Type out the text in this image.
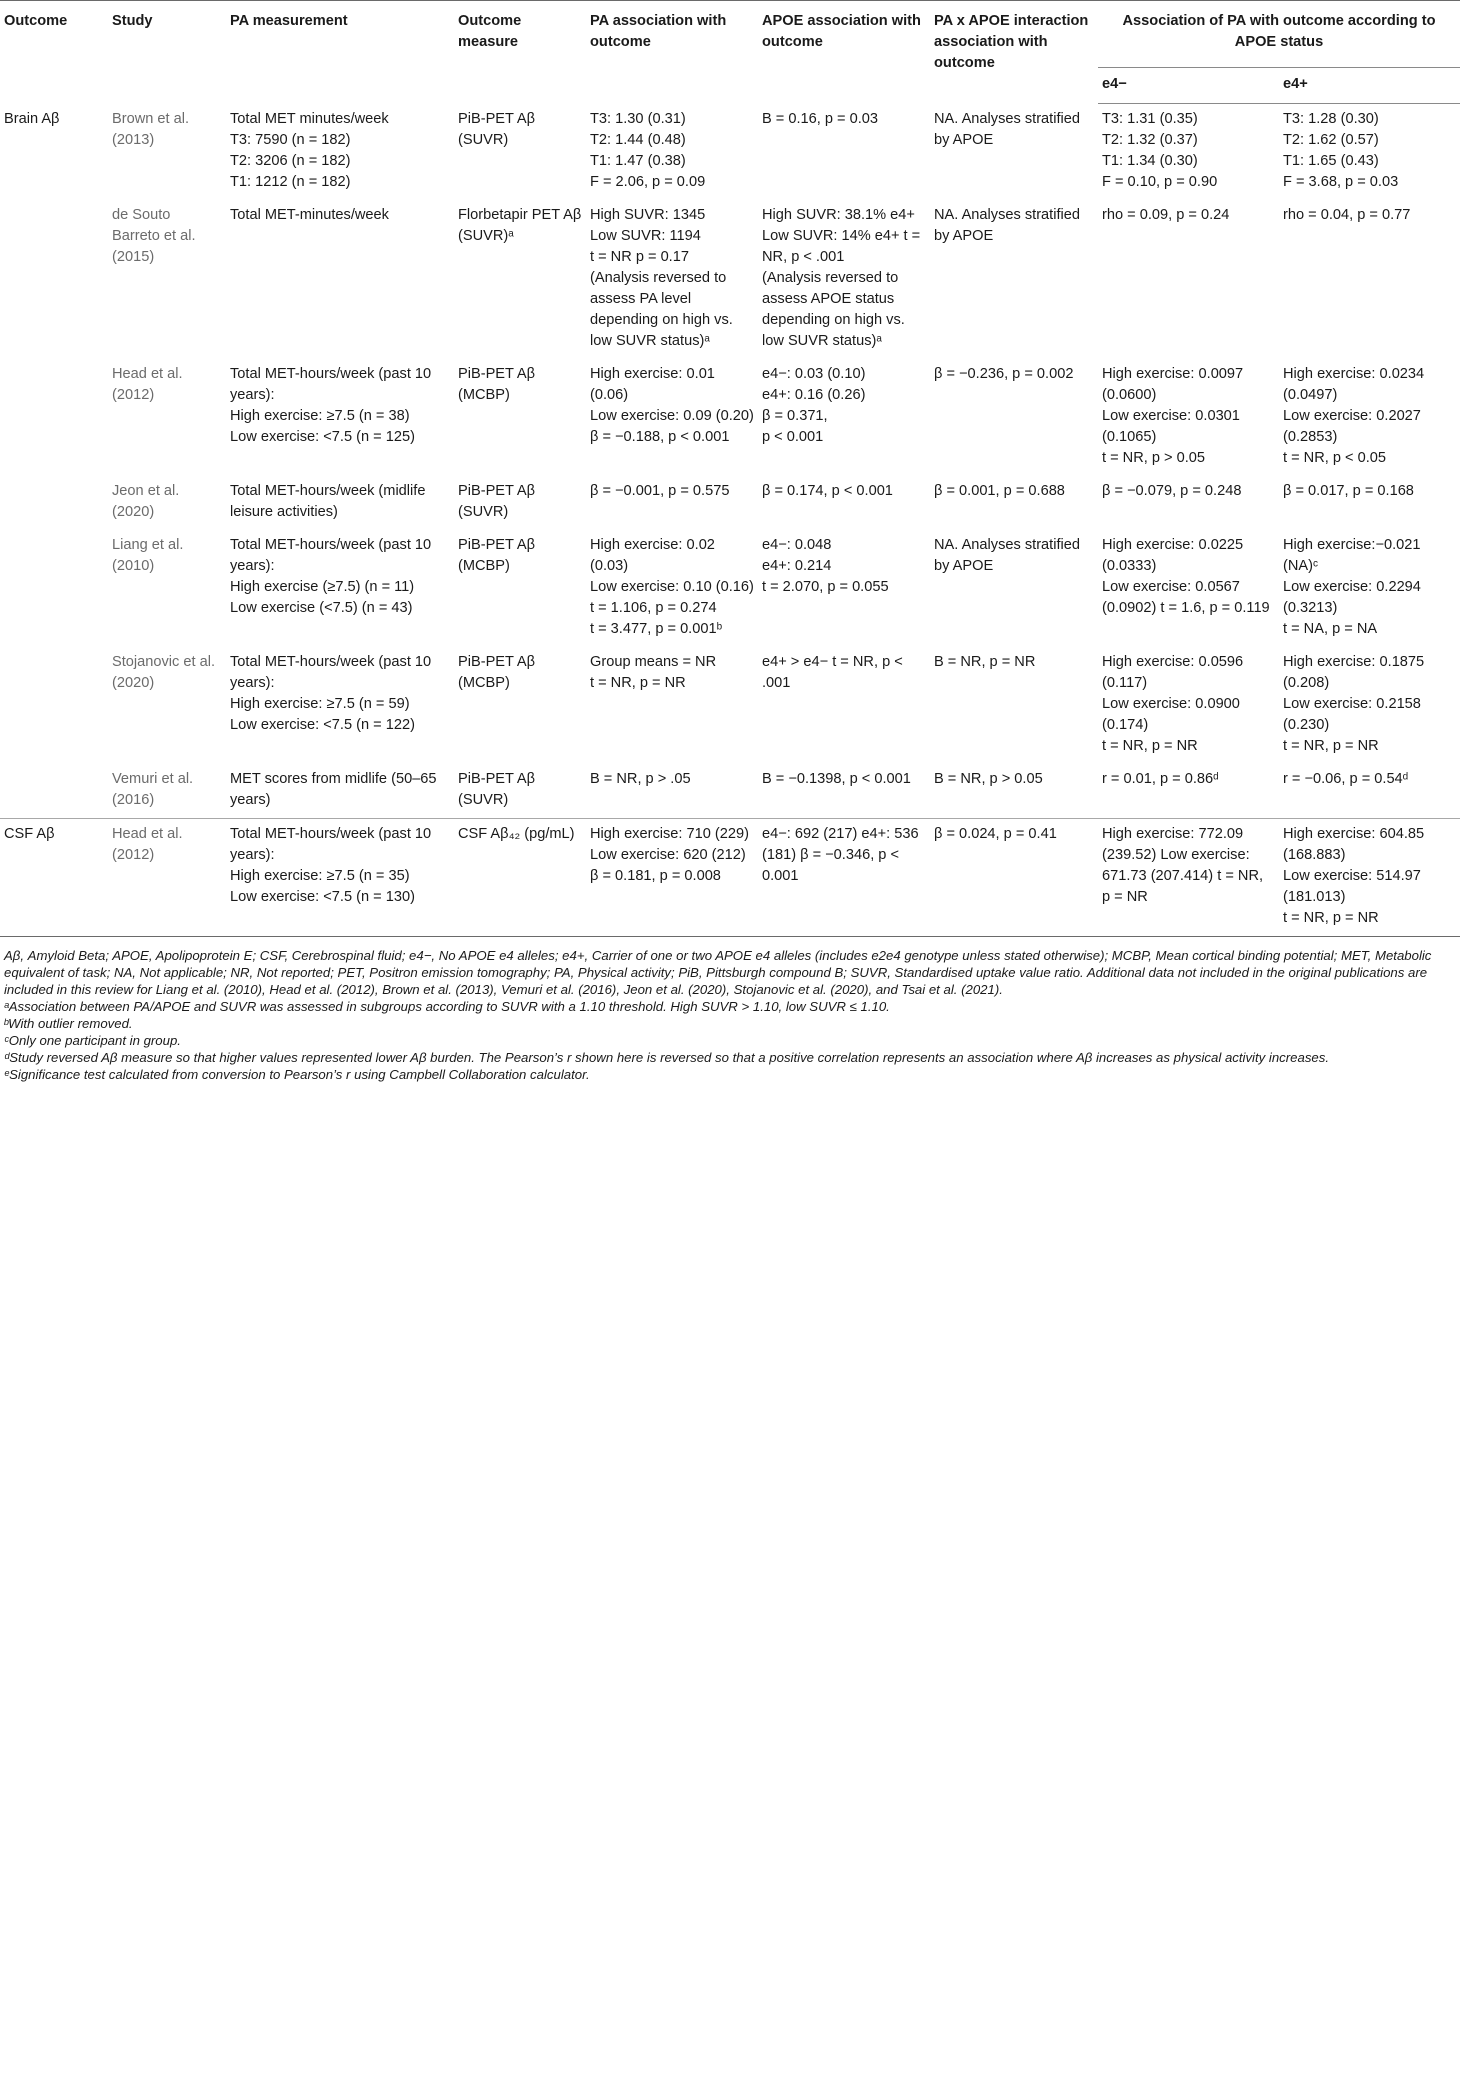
Outcome	Study	PA measurement	Outcome measure	PA association with outcome	APOE association with outcome	PA x APOE interaction association with outcome	Association of PA with outcome according to APOE status	
							e4−	e4+
Brain Aβ	Brown et al. (2013)	Total MET minutes/week
T3: 7590 (n = 182)
T2: 3206 (n = 182)
T1: 1212 (n = 182)	PiB-PET Aβ (SUVR)	T3: 1.30 (0.31)
T2: 1.44 (0.48)
T1: 1.47 (0.38)
F = 2.06, p = 0.09	B = 0.16, p = 0.03	NA. Analyses stratified by APOE	T3: 1.31 (0.35)
T2: 1.32 (0.37)
T1: 1.34 (0.30)
F = 0.10, p = 0.90	T3: 1.28 (0.30)
T2: 1.62 (0.57)
T1: 1.65 (0.43)
F = 3.68, p = 0.03
	de Souto Barreto et al. (2015)	Total MET-minutes/week	Florbetapir PET Aβ (SUVR)ᵃ	High SUVR: 1345
Low SUVR: 1194
t = NR p = 0.17
(Analysis reversed to assess PA level depending on high vs. low SUVR status)ᵃ	High SUVR: 38.1% e4+
Low SUVR: 14% e4+ t = NR, p < .001
(Analysis reversed to assess APOE status depending on high vs. low SUVR status)ᵃ	NA. Analyses stratified by APOE	rho = 0.09, p = 0.24	rho = 0.04, p = 0.77
	Head et al. (2012)	Total MET-hours/week (past 10 years):
High exercise: ≥7.5 (n = 38)
Low exercise: <7.5 (n = 125)	PiB-PET Aβ (MCBP)	High exercise: 0.01 (0.06)
Low exercise: 0.09 (0.20)
β = −0.188, p < 0.001	e4−: 0.03 (0.10)
e4+: 0.16 (0.26)
β = 0.371,
p < 0.001	β = −0.236, p = 0.002	High exercise: 0.0097 (0.0600)
Low exercise: 0.0301 (0.1065)
t = NR, p > 0.05	High exercise: 0.0234 (0.0497)
Low exercise: 0.2027 (0.2853)
t = NR, p < 0.05
	Jeon et al. (2020)	Total MET-hours/week (midlife leisure activities)	PiB-PET Aβ (SUVR)	β = −0.001, p = 0.575	β = 0.174, p < 0.001	β = 0.001, p = 0.688	β = −0.079, p = 0.248	β = 0.017, p = 0.168
	Liang et al. (2010)	Total MET-hours/week (past 10 years):
High exercise (≥7.5) (n = 11)
Low exercise (<7.5) (n = 43)	PiB-PET Aβ (MCBP)	High exercise: 0.02 (0.03)
Low exercise: 0.10 (0.16)
t = 1.106, p = 0.274
t = 3.477, p = 0.001ᵇ	e4−: 0.048
e4+: 0.214
t = 2.070, p = 0.055	NA. Analyses stratified by APOE	High exercise: 0.0225 (0.0333)
Low exercise: 0.0567 (0.0902) t = 1.6, p = 0.119	High exercise:−0.021 (NA)ᶜ
Low exercise: 0.2294 (0.3213)
t = NA, p = NA
	Stojanovic et al. (2020)	Total MET-hours/week (past 10 years):
High exercise: ≥7.5 (n = 59)
Low exercise: <7.5 (n = 122)	PiB-PET Aβ (MCBP)	Group means = NR
t = NR, p = NR	e4+ > e4− t = NR, p < .001	B = NR, p = NR	High exercise: 0.0596 (0.117)
Low exercise: 0.0900 (0.174)
t = NR, p = NR	High exercise: 0.1875 (0.208)
Low exercise: 0.2158 (0.230)
t = NR, p = NR
	Vemuri et al. (2016)	MET scores from midlife (50–65 years)	PiB-PET Aβ (SUVR)	B = NR, p > .05	B = −0.1398, p < 0.001	B = NR, p > 0.05	r = 0.01, p = 0.86ᵈ	r = −0.06, p = 0.54ᵈ
CSF Aβ	Head et al. (2012)	Total MET-hours/week (past 10 years):
High exercise: ≥7.5 (n = 35)
Low exercise: <7.5 (n = 130)	CSF Aβ₄₂ (pg/mL)	High exercise: 710 (229)
Low exercise: 620 (212)
β = 0.181, p = 0.008	e4−: 692 (217) e4+: 536 (181) β = −0.346, p < 0.001	β = 0.024, p = 0.41	High exercise: 772.09 (239.52) Low exercise: 671.73 (207.414) t = NR, p = NR	High exercise: 604.85 (168.883)
Low exercise: 514.97 (181.013)
t = NR, p = NR

Aβ, Amyloid Beta; APOE, Apolipoprotein E; CSF, Cerebrospinal fluid; e4−, No APOE e4 alleles; e4+, Carrier of one or two APOE e4 alleles (includes e2e4 genotype unless stated otherwise); MCBP, Mean cortical binding potential; MET, Metabolic equivalent of task; NA, Not applicable; NR, Not reported; PET, Positron emission tomography; PA, Physical activity; PiB, Pittsburgh compound B; SUVR, Standardised uptake value ratio. Additional data not included in the original publications are included in this review for Liang et al. (2010), Head et al. (2012), Brown et al. (2013), Vemuri et al. (2016), Jeon et al. (2020), Stojanovic et al. (2020), and Tsai et al. (2021).

ᵃAssociation between PA/APOE and SUVR was assessed in subgroups according to SUVR with a 1.10 threshold. High SUVR > 1.10, low SUVR ≤ 1.10.

ᵇWith outlier removed.

ᶜOnly one participant in group.

ᵈStudy reversed Aβ measure so that higher values represented lower Aβ burden. The Pearson’s r shown here is reversed so that a positive correlation represents an association where Aβ increases as physical activity increases.

ᵉSignificance test calculated from conversion to Pearson’s r using Campbell Collaboration calculator.
